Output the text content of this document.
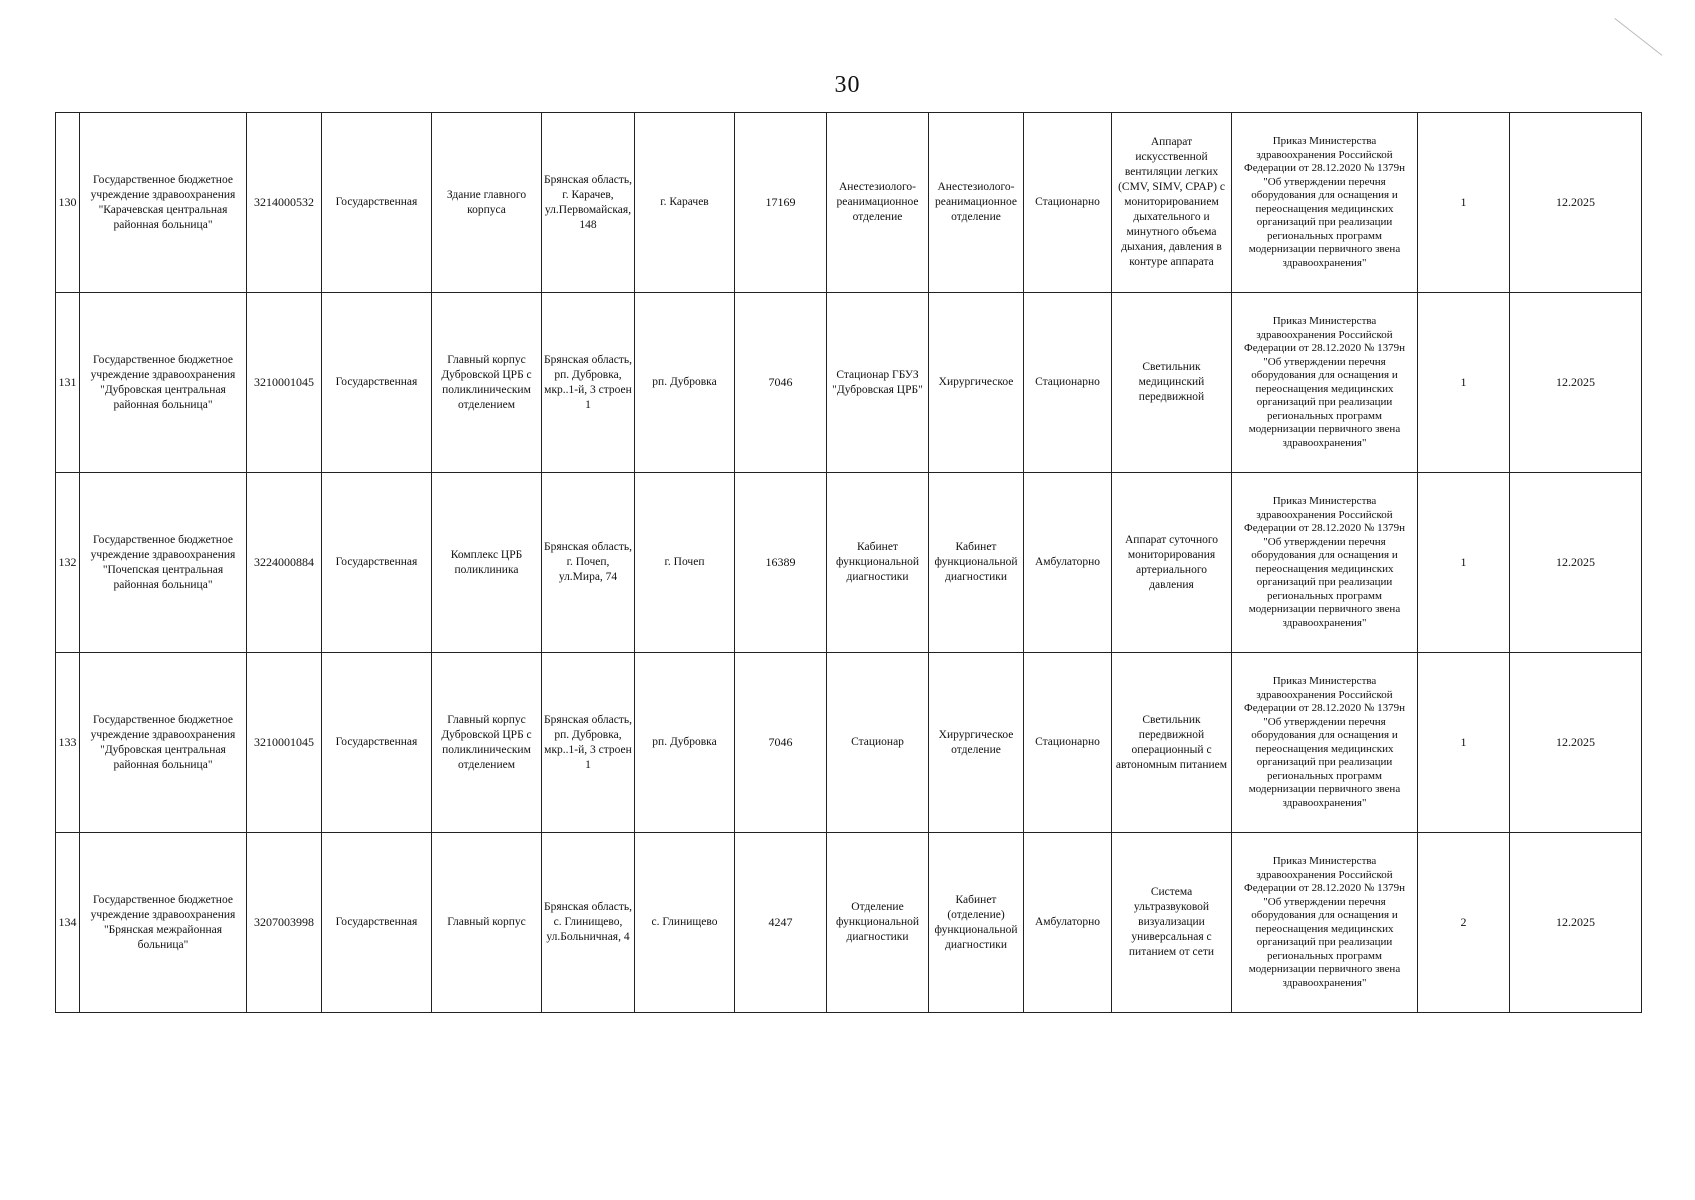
30
130	Государственное бюджетное учреждение здравоохранения "Карачевская центральная районная больница"	3214000532	Государственная	Здание главного корпуса	Брянская область, г. Карачев, ул.Первомайская, 148	г. Карачев	17169	Анестезиолого-реанимационное отделение	Анестезиолого-реанимационное отделение	Стационарно	Аппарат искусственной вентиляции легких (CMV, SIMV, CPAP) с мониторированием дыхательного и минутного объема дыхания, давления в контуре аппарата	Приказ Министерства здравоохранения Российской Федерации от 28.12.2020 № 1379н "Об утверждении перечня оборудования для оснащения и переоснащения медицинских организаций при реализации региональных программ модернизации первичного звена здравоохранения"	1	12.2025
131	Государственное бюджетное учреждение здравоохранения "Дубровская центральная районная больница"	3210001045	Государственная	Главный корпус Дубровской ЦРБ с поликлиническим отделением	Брянская область, рп. Дубровка, мкр..1-й, 3 строен 1	рп. Дубровка	7046	Стационар ГБУЗ "Дубровская ЦРБ"	Хирургическое	Стационарно	Светильник медицинский передвижной	Приказ Министерства здравоохранения Российской Федерации от 28.12.2020 № 1379н "Об утверждении перечня оборудования для оснащения и переоснащения медицинских организаций при реализации региональных программ модернизации первичного звена здравоохранения"	1	12.2025
132	Государственное бюджетное учреждение здравоохранения "Почепская центральная районная больница"	3224000884	Государственная	Комплекс ЦРБ поликлиника	Брянская область, г. Почеп, ул.Мира, 74	г. Почеп	16389	Кабинет функциональной диагностики	Кабинет функциональной диагностики	Амбулаторно	Аппарат суточного мониторирования артериального давления	Приказ Министерства здравоохранения Российской Федерации от 28.12.2020 № 1379н "Об утверждении перечня оборудования для оснащения и переоснащения медицинских организаций при реализации региональных программ модернизации первичного звена здравоохранения"	1	12.2025
133	Государственное бюджетное учреждение здравоохранения "Дубровская центральная районная больница"	3210001045	Государственная	Главный корпус Дубровской ЦРБ с поликлиническим отделением	Брянская область, рп. Дубровка, мкр..1-й, 3 строен 1	рп. Дубровка	7046	Стационар	Хирургическое отделение	Стационарно	Светильник передвижной операционный с автономным питанием	Приказ Министерства здравоохранения Российской Федерации от 28.12.2020 № 1379н "Об утверждении перечня оборудования для оснащения и переоснащения медицинских организаций при реализации региональных программ модернизации первичного звена здравоохранения"	1	12.2025
134	Государственное бюджетное учреждение здравоохранения "Брянская межрайонная больница"	3207003998	Государственная	Главный корпус	Брянская область, с. Глинищево, ул.Больничная, 4	с. Глинищево	4247	Отделение функциональной диагностики	Кабинет (отделение) функциональной диагностики	Амбулаторно	Система ультразвуковой визуализации универсальная с питанием от сети	Приказ Министерства здравоохранения Российской Федерации от 28.12.2020 № 1379н "Об утверждении перечня оборудования для оснащения и переоснащения медицинских организаций при реализации региональных программ модернизации первичного звена здравоохранения"	2	12.2025
